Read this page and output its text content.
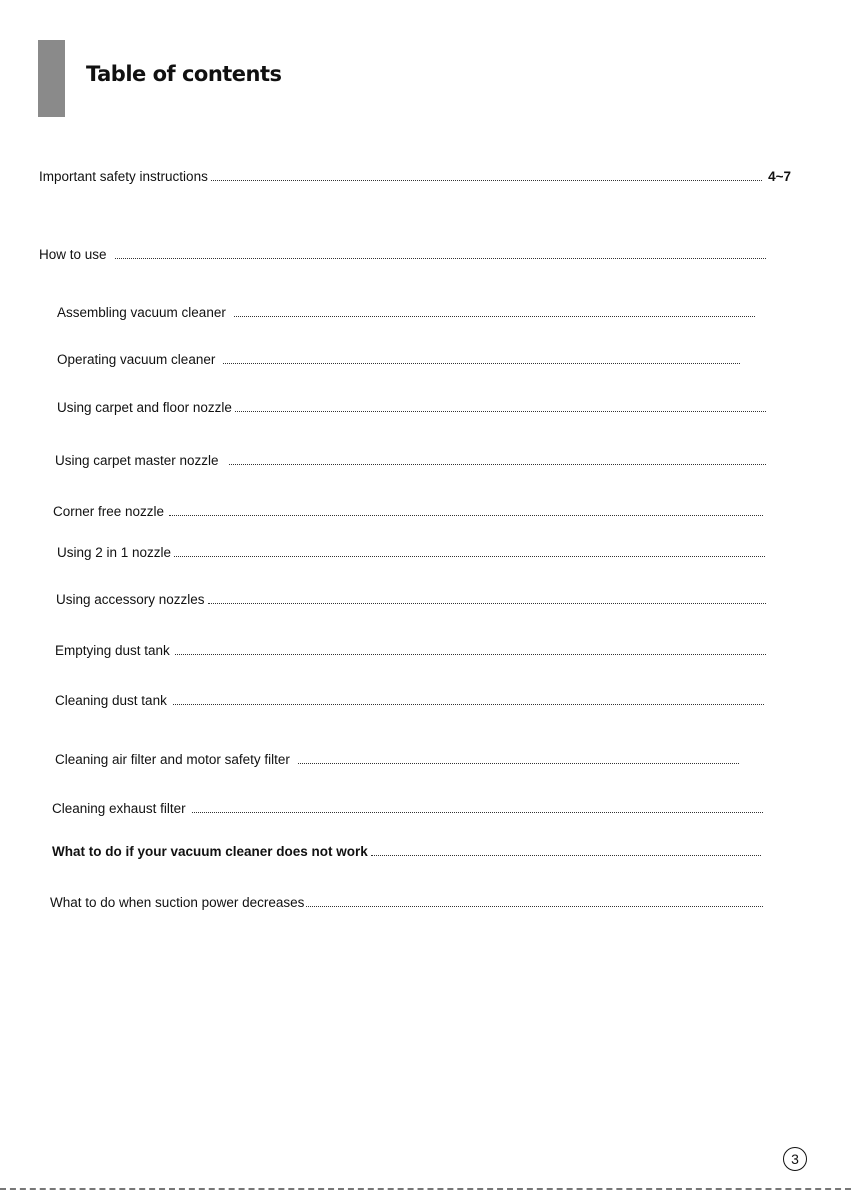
Table of contents
Important safety instructions	4~7
How to use
Assembling vacuum cleaner
Operating vacuum cleaner
Using carpet and floor nozzle
Using carpet master nozzle
Corner free nozzle
Using 2 in 1 nozzle
Using accessory nozzles
Emptying dust tank
Cleaning dust tank
Cleaning air filter and motor safety filter
Cleaning exhaust filter
What to do if your vacuum cleaner does not work
What to do when suction power decreases
3
